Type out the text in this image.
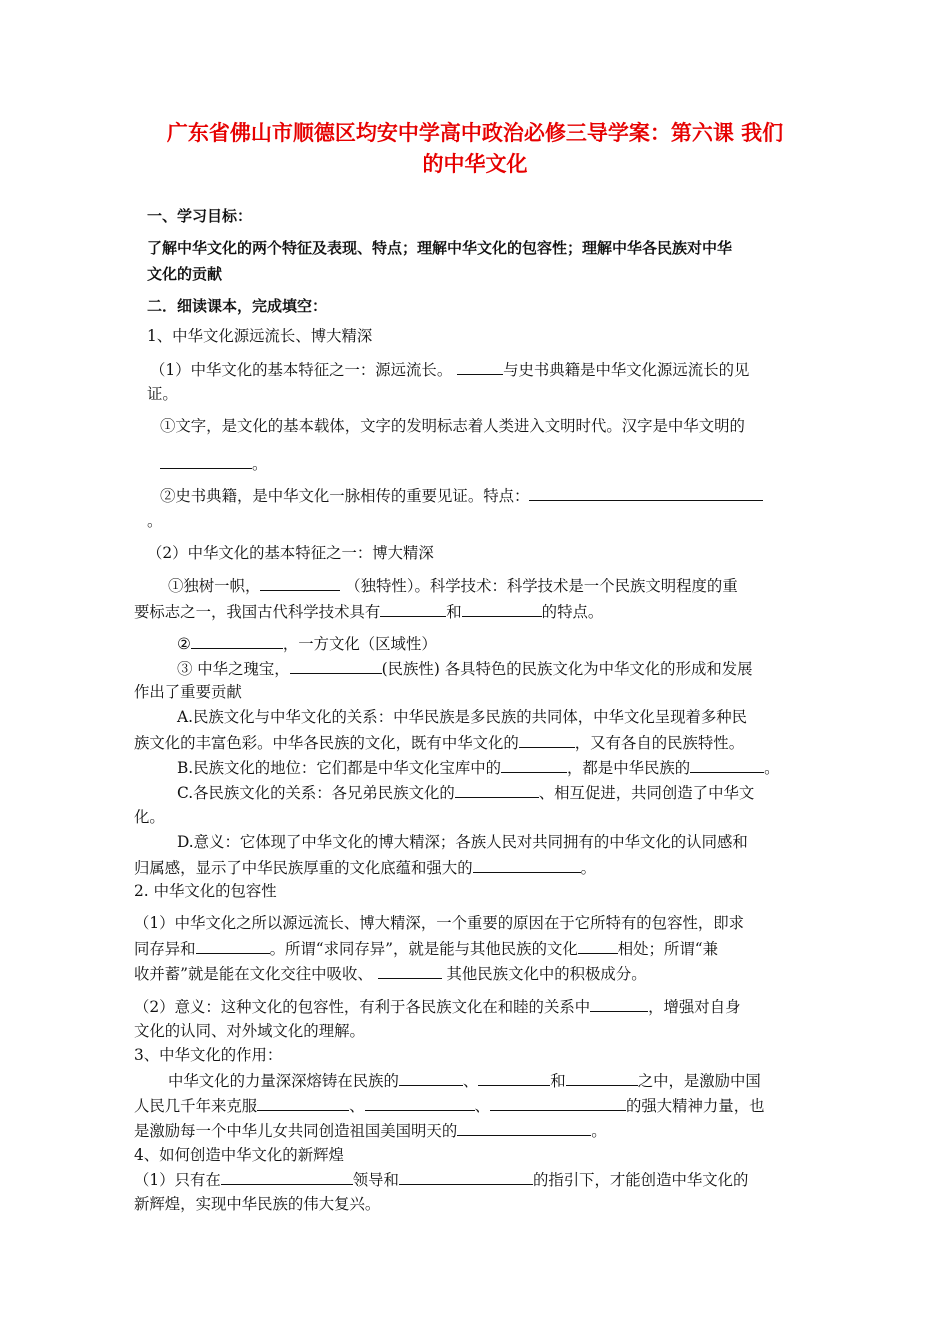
广东省佛山市顺德区均安中学高中政治必修三导学案：第六课 我们
的中华文化
一、学习目标：
了解中华文化的两个特征及表现、特点；理解中华文化的包容性；理解中华各民族对中华
文化的贡献
二．细读课本，完成填空：
1、中华文化源远流长、博大精深
（1）中华文化的基本特征之一：源远流长。	与史书典籍是中华文化源远流长的见
证。
①文字，是文化的基本载体，文字的发明标志着人类进入文明时代。汉字是中华文明的
。
②史书典籍，是中华文化一脉相传的重要见证。特点：
。
（2）中华文化的基本特征之一：博大精深
①独树一帜，	（独特性）。科学技术：科学技术是一个民族文明程度的重
要标志之一，我国古代科学技术具有	和	的特点。
②	，一方文化（区域性）
③ 中华之瑰宝，	(民族性) 各具特色的民族文化为中华文化的形成和发展
作出了重要贡献
A.民族文化与中华文化的关系：中华民族是多民族的共同体，中华文化呈现着多种民
族文化的丰富色彩。中华各民族的文化，既有中华文化的	，又有各自的民族特性。
B.民族文化的地位：它们都是中华文化宝库中的	，都是中华民族的	。
C.各民族文化的关系：各兄弟民族文化的	、相互促进，共同创造了中华文
化。
D.意义：它体现了中华文化的博大精深；各族人民对共同拥有的中华文化的认同感和
归属感，显示了中华民族厚重的文化底蕴和强大的	。
2. 中华文化的包容性
（1）中华文化之所以源远流长、博大精深，一个重要的原因在于它所特有的包容性，即求
同存异和	。所谓“求同存异”，就是能与其他民族的文化	相处；所谓“兼
收并蓄”就是能在文化交往中吸收、	其他民族文化中的积极成分。
（2）意义：这种文化的包容性，有利于各民族文化在和睦的关系中	，增强对自身
文化的认同、对外域文化的理解。
3、中华文化的作用：
中华文化的力量深深熔铸在民族的	、	和	之中，是激励中国
人民几千年来克服	、	、	的强大精神力量，也
是激励每一个中华儿女共同创造祖国美国明天的	。
4、如何创造中华文化的新辉煌
（1）只有在	领导和	的指引下，才能创造中华文化的
新辉煌，实现中华民族的伟大复兴。
